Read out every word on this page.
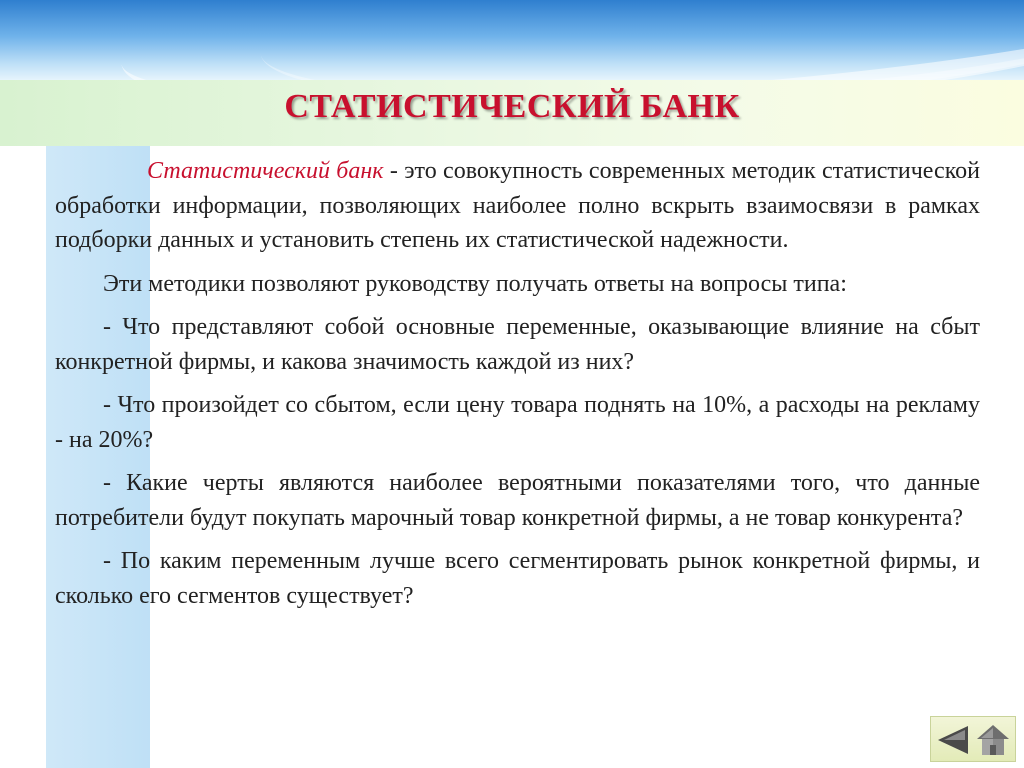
СТАТИСТИЧЕСКИЙ БАНК

Статистический банк - это совокупность современных методик статистической обработки информации, позволяющих наиболее полно вскрыть взаимосвязи в рамках подборки данных и установить степень их статистической надежности.

Эти методики позволяют руководству получать ответы на вопросы типа:

- Что представляют собой основные переменные, оказывающие влияние на сбыт конкретной фирмы, и какова значимость каждой из них?

- Что произойдет со сбытом, если цену товара поднять на 10%, а расходы на рекламу - на 20%?

- Какие черты являются наиболее вероятными показателями того, что данные потребители будут покупать марочный товар конкретной фирмы, а не товар конкурента?

- По каким переменным лучше всего сегментировать рынок конкретной фирмы, и сколько его сегментов существует?
